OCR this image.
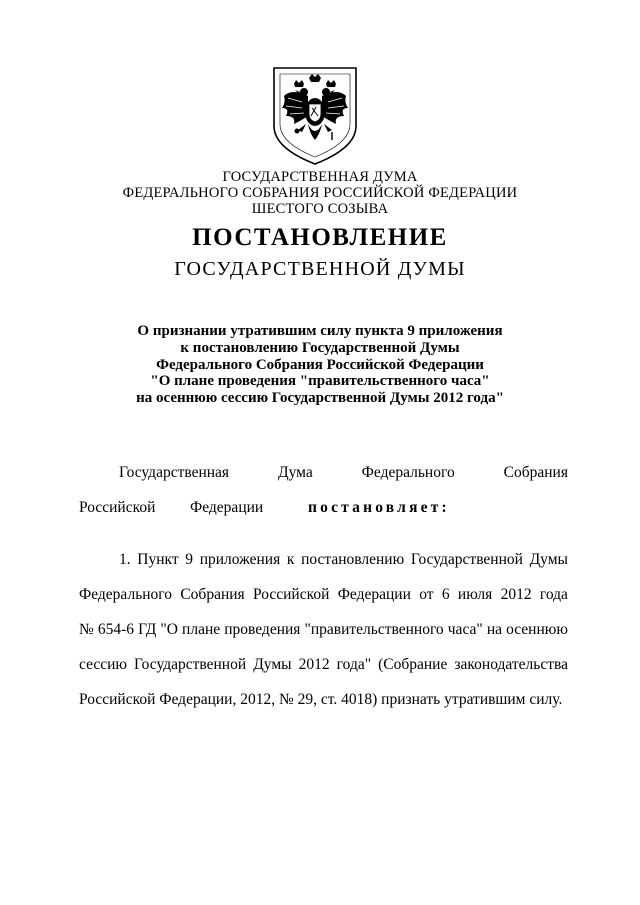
ГОСУДАРСТВЕННАЯ ДУМА
ФЕДЕРАЛЬНОГО СОБРАНИЯ РОССИЙСКОЙ ФЕДЕРАЦИИ
ШЕСТОГО СОЗЫВА
ПОСТАНОВЛЕНИЕ
ГОСУДАРСТВЕННОЙ ДУМЫ
О признании утратившим силу пункта 9 приложения
к постановлению Государственной Думы
Федерального Собрания Российской Федерации
"О плане проведения "правительственного часа"
на осеннюю сессию Государственной Думы 2012 года"
Государственная	Дума	Федерального	Собрания
Российской Федерации	постановляет:
1. Пункт 9 приложения к постановлению Государственной Думы
Федерального Собрания Российской Федерации от 6 июля 2012 года
№ 654-6 ГД "О плане проведения "правительственного часа" на осеннюю
сессию Государственной Думы 2012 года" (Собрание законодательства
Российской Федерации, 2012, № 29, ст. 4018) признать утратившим силу.
